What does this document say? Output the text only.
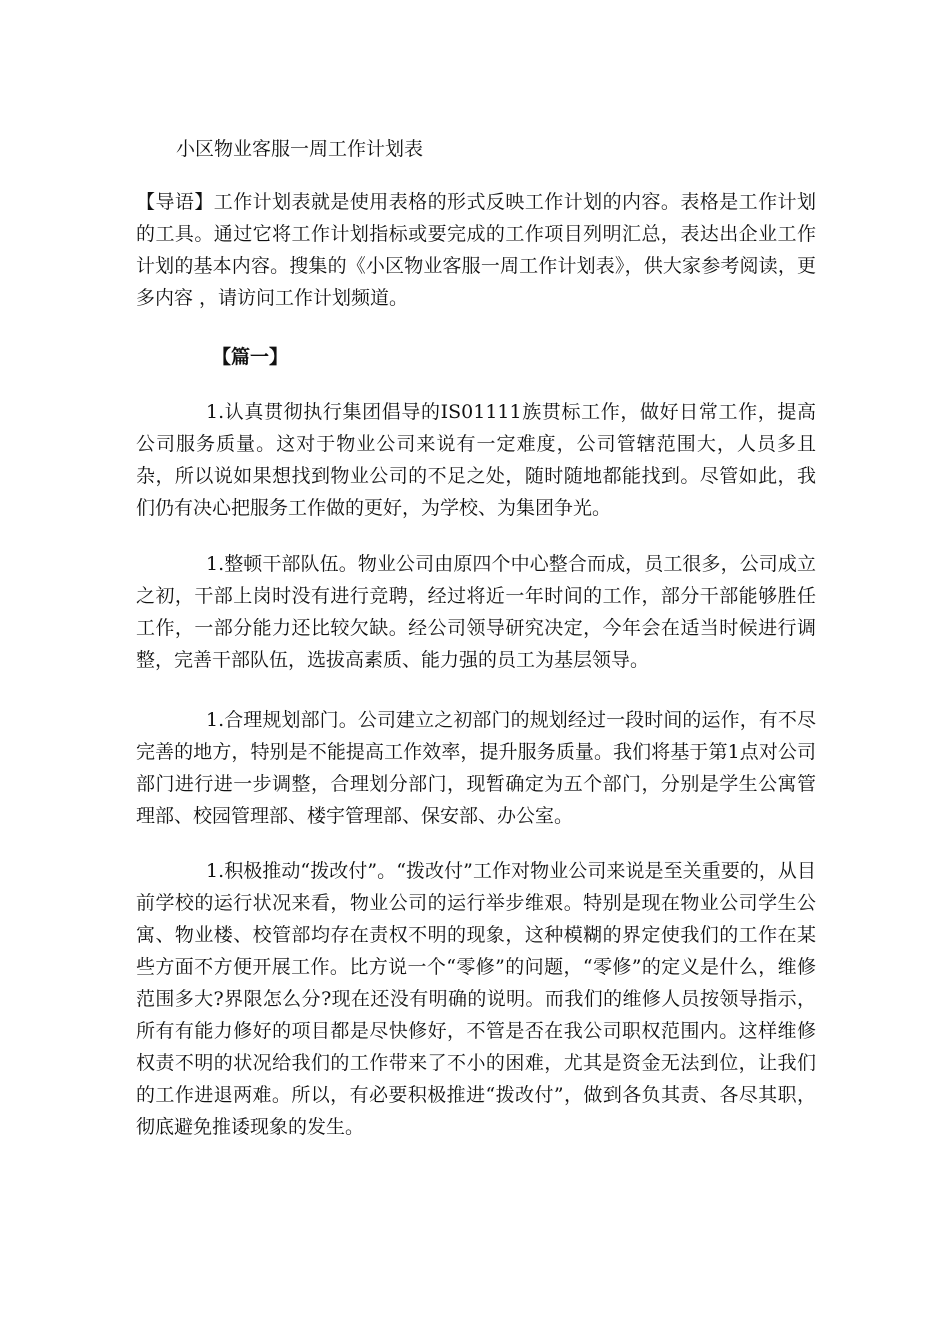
小区物业客服一周工作计划表

【导语】工作计划表就是使用表格的形式反映工作计划的内容。表格是工作计划的工具。通过它将工作计划指标或要完成的工作项目列明汇总，表达出企业工作计划的基本内容。搜集的《小区物业客服一周工作计划表》，供大家参考阅读，更多内容 ，请访问工作计划频道。

【篇一】

1.认真贯彻执行集团倡导的IS01111族贯标工作，做好日常工作，提高公司服务质量。这对于物业公司来说有一定难度，公司管辖范围大，人员多且杂，所以说如果想找到物业公司的不足之处，随时随地都能找到。尽管如此，我们仍有决心把服务工作做的更好，为学校、为集团争光。

1.整顿干部队伍。物业公司由原四个中心整合而成，员工很多，公司成立之初，干部上岗时没有进行竞聘，经过将近一年时间的工作，部分干部能够胜任工作，一部分能力还比较欠缺。经公司领导研究决定，今年会在适当时候进行调整，完善干部队伍，选拔高素质、能力强的员工为基层领导。

1.合理规划部门。公司建立之初部门的规划经过一段时间的运作，有不尽完善的地方，特别是不能提高工作效率，提升服务质量。我们将基于第1点对公司部门进行进一步调整，合理划分部门，现暂确定为五个部门，分别是学生公寓管理部、校园管理部、楼宇管理部、保安部、办公室。

1.积极推动“拨改付”。“拨改付”工作对物业公司来说是至关重要的，从目前学校的运行状况来看，物业公司的运行举步维艰。特别是现在物业公司学生公寓、物业楼、校管部均存在责权不明的现象，这种模糊的界定使我们的工作在某些方面不方便开展工作。比方说一个“零修”的问题，“零修”的定义是什么，维修范围多大?界限怎么分?现在还没有明确的说明。而我们的维修人员按领导指示，所有有能力修好的项目都是尽快修好，不管是否在我公司职权范围内。这样维修权责不明的状况给我们的工作带来了不小的困难，尤其是资金无法到位，让我们的工作进退两难。所以，有必要积极推进“拨改付”，做到各负其责、各尽其职，彻底避免推诿现象的发生。
